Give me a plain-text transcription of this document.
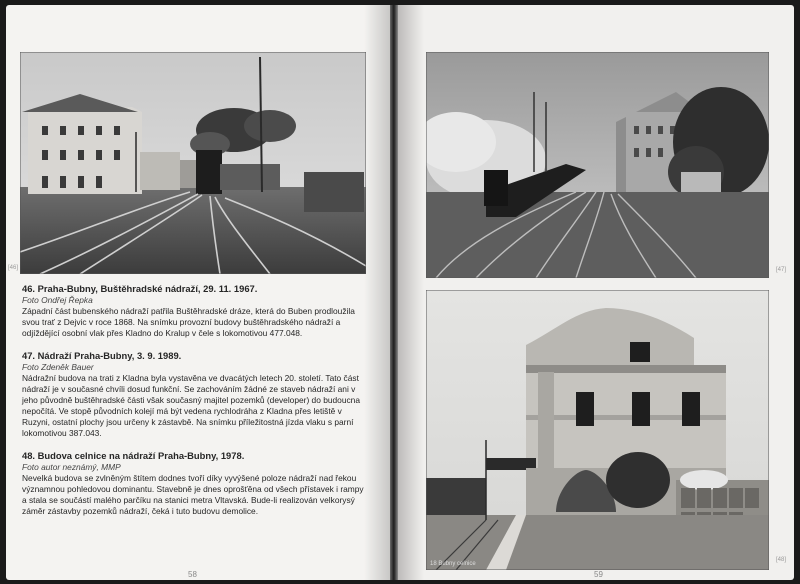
[46]

46. Praha-Bubny, Buštěhradské nádraží, 29. 11. 1967.

Foto Ondřej Řepka

Západní část bubenského nádraží patřila Buštěhradské dráze, která do Buben prodloužila svou trať z Dejvic v roce 1868. Na snímku provozní budovy buštěhradského nádraží a odjíždějící osobní vlak přes Kladno do Kralup v čele s lokomotivou 477.048.

47. Nádraží Praha-Bubny, 3. 9. 1989.

Foto Zdeněk Bauer

Nádražní budova na trati z Kladna byla vystavěna ve dvacátých letech 20. století. Tato část nádraží je v současné chvíli dosud funkční. Se zachováním žádné ze staveb nádraží ani v jeho původně buštěhradské části však současný majitel pozemků (developer) do budoucna nepočítá. Ve stopě původních kolejí má být vedena rychlodráha z Kladna přes letiště v Ruzyni, ostatní plochy jsou určeny k zástavbě. Na snímku příležitostná jízda vlaku s parní lokomotivou 387.043.

48. Budova celnice na nádraží Praha-Bubny, 1978.

Foto autor neznámý, MMP

Nevelká budova se zvlněným štítem dodnes tvoří díky vyvýšené poloze nádraží nad řekou významnou pohledovou dominantu. Stavebně je dnes oprošťěna od všech přístavek i rampy a stala se součástí malého parčíku na stanici metra Vltavská. Bude-li realizován velkorysý záměr zástavby pozemků nádraží, čeká i tuto budovu demolice.

58
[47]
18 Bubny celnice
[48]
59
